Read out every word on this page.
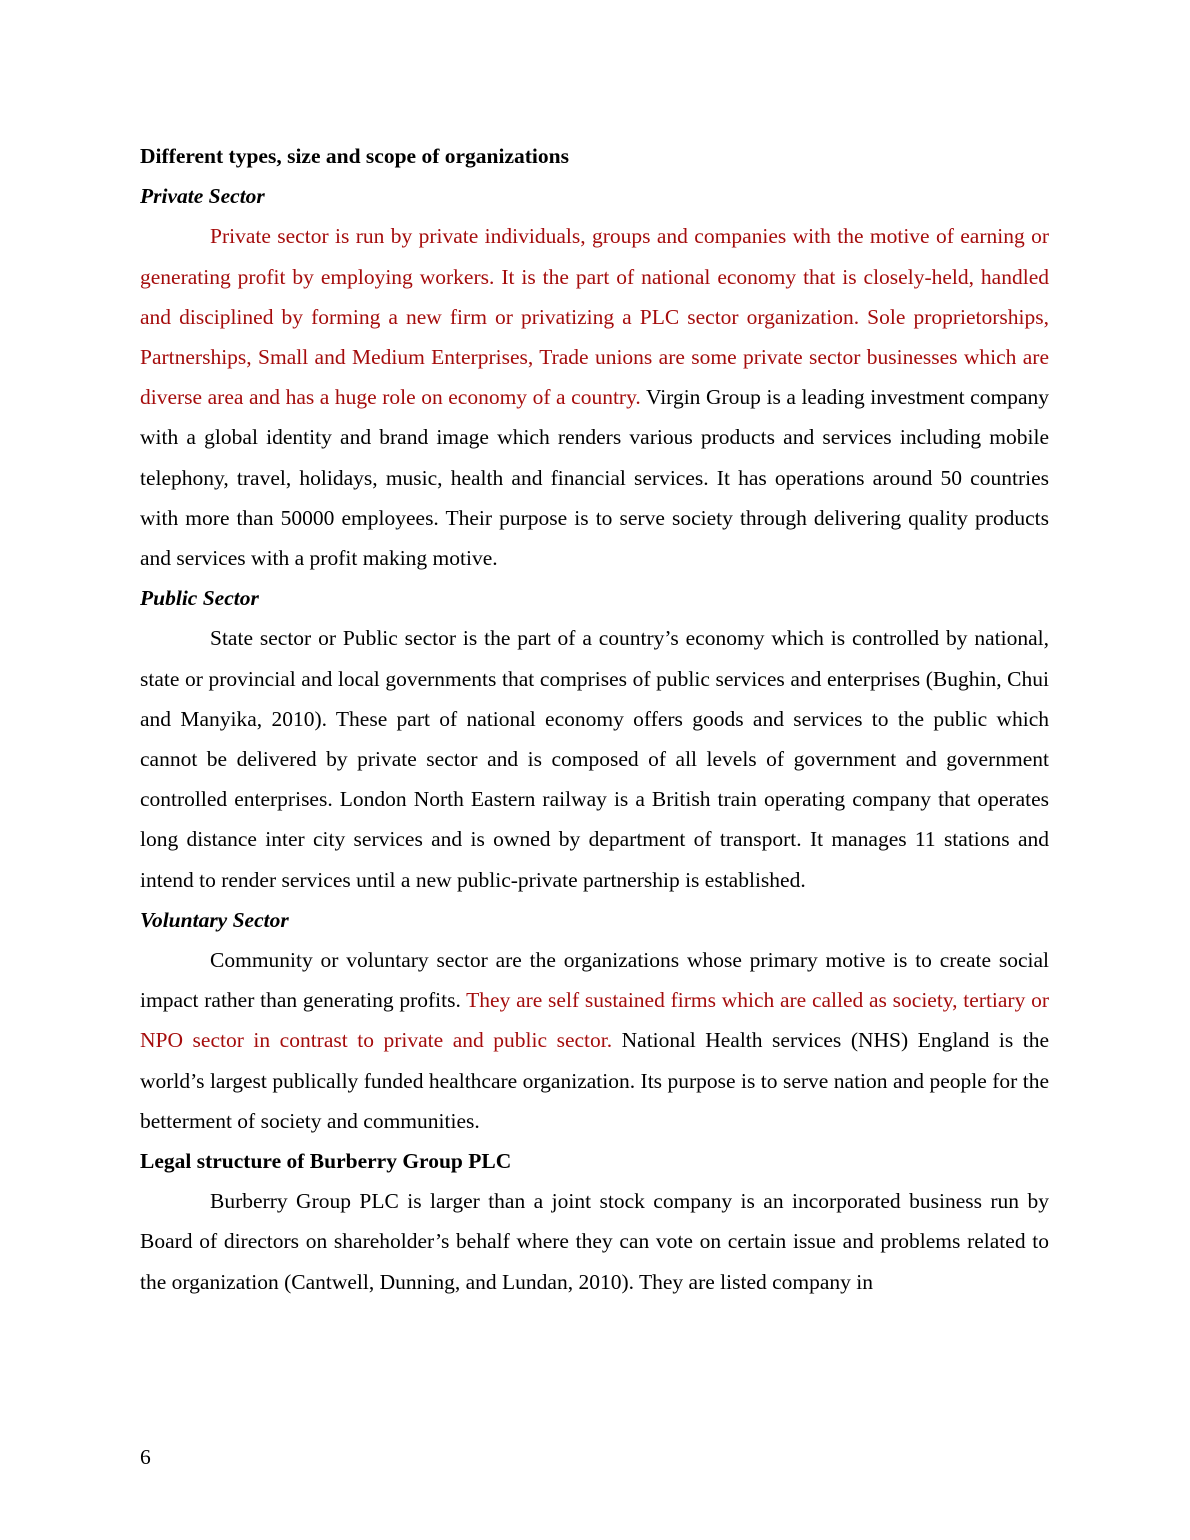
Different types, size and scope of organizations

Private Sector

Private sector is run by private individuals, groups and companies with the motive of earning or generating profit by employing workers. It is the part of national economy that is closely-held, handled and disciplined by forming a new firm or privatizing a PLC sector organization. Sole proprietorships, Partnerships, Small and Medium Enterprises, Trade unions are some private sector businesses which are diverse area and has a huge role on economy of a country. Virgin Group is a leading investment company with a global identity and brand image which renders various products and services including mobile telephony, travel, holidays, music, health and financial services. It has operations around 50 countries with more than 50000 employees. Their purpose is to serve society through delivering quality products and services with a profit making motive.

Public Sector

State sector or Public sector is the part of a country’s economy which is controlled by national, state or provincial and local governments that comprises of public services and enterprises (Bughin, Chui and Manyika, 2010). These part of national economy offers goods and services to the public which cannot be delivered by private sector and is composed of all levels of government and government controlled enterprises. London North Eastern railway is a British train operating company that operates long distance inter city services and is owned by department of transport. It manages 11 stations and intend to render services until a new public-private partnership is established.

Voluntary Sector

Community or voluntary sector are the organizations whose primary motive is to create social impact rather than generating profits. They are self sustained firms which are called as society, tertiary or NPO sector in contrast to private and public sector. National Health services (NHS) England is the world’s largest publically funded healthcare organization. Its purpose is to serve nation and people for the betterment of society and communities.

Legal structure of Burberry Group PLC

Burberry Group PLC is larger than a joint stock company is an incorporated business run by Board of directors on shareholder’s behalf where they can vote on certain issue and problems related to the organization (Cantwell, Dunning, and Lundan, 2010). They are listed company in

6
